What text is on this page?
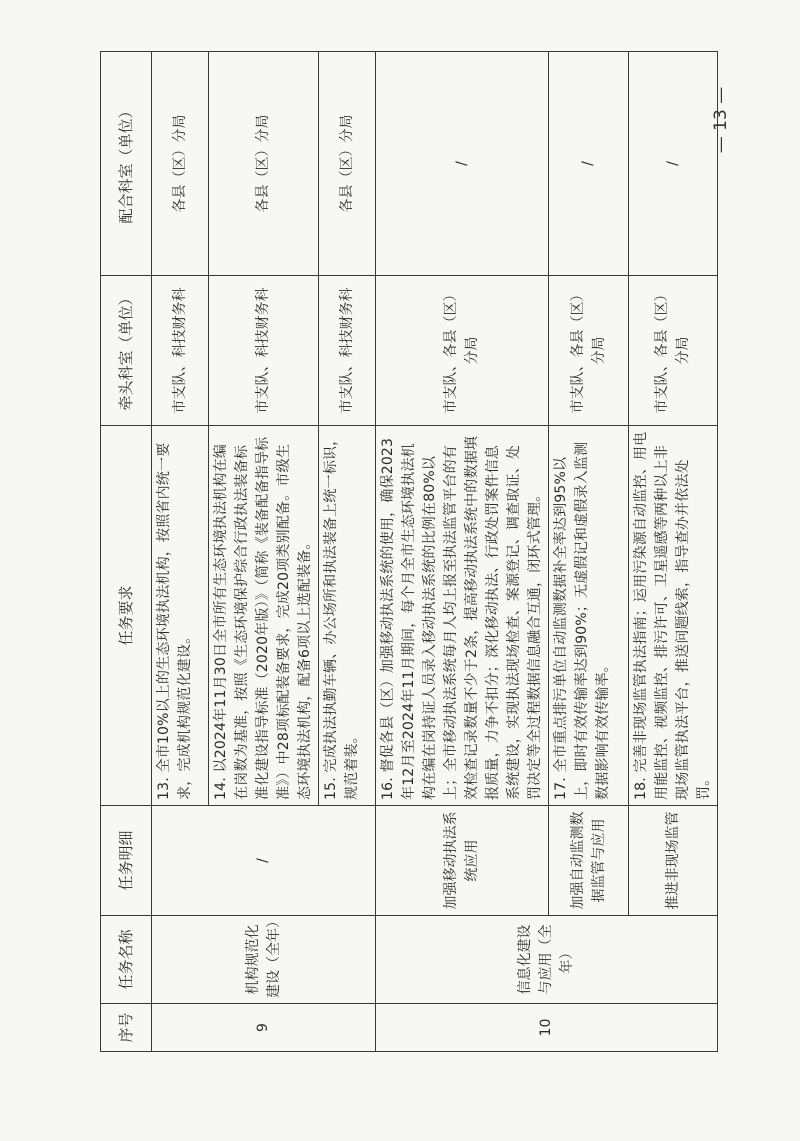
序号	任务名称	任务明细	任务要求	牵头科室（单位）	配合科室（单位）
9	机构规范化建设（全年）	/	13. 全市10%以上的生态环境执法机构，按照省内统一要求，完成机构规范化建设。	市支队、科技财务科	各县（区）分局
			14. 以2024年11月30日全市所有生态环境执法机构在编在岗数为基准，按照《生态环境保护综合行政执法装备标准化建设指导标准（2020年版）》（简称《装备配备指导标准》）中28项标配装备要求，完成20项类别配备。市级生态环境执法机构，配备6项以上选配装备。	市支队、科技财务科	各县（区）分局
			15. 完成执法执勤车辆、办公场所和执法装备上统一标识，规范着装。	市支队、科技财务科	各县（区）分局
10	信息化建设与应用（全年）	加强移动执法系统应用	16. 督促各县（区）加强移动执法系统的使用，确保2023年12月至2024年11月期间，每个月全市生态环境执法机构在编在岗持证人员录入移动执法系统的比例在80%以上；全市移动执法系统每月人均上报至执法监管平台的有效检查记录数量不少于2条，提高移动执法系统中的数据填报质量，力争不扣分；深化移动执法、行政处罚案件信息系统建设，实现执法现场检查、案源登记、调查取证、处罚决定等全过程数据信息融合互通，闭环式管理。	市支队、各县（区）分局	/
		加强自动监测数据监管与应用	17. 全市重点排污单位自动监测数据补全率达到95%以上，即时有效传输率达到90%；无虚假记和虚假录入监测数据影响有效传输率。	市支队、各县（区）分局	/
		推进非现场监管	18. 完善非现场监管执法指南；运用污染源自动监控、用电用能监控、视频监控、排污许可、卫星遥感等两种以上非现场监管执法平台，推送问题线索，指导查办并依法处罚。	市支队、各县（区）分局	/
— 13 —
